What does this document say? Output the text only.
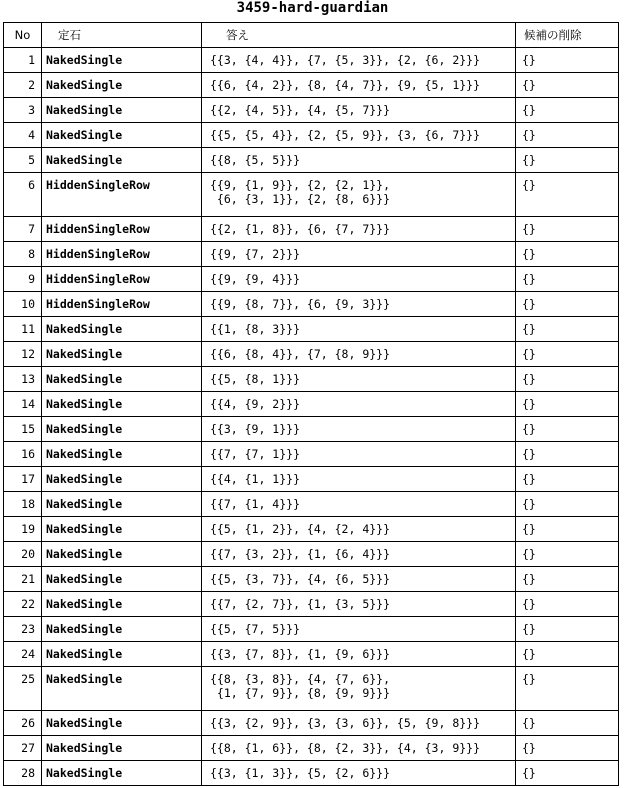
3459-hard-guardian
No	定石	答え	候補の削除
1	NakedSingle	{{3, {4, 4}}, {7, {5, 3}}, {2, {6, 2}}}	{}
2	NakedSingle	{{6, {4, 2}}, {8, {4, 7}}, {9, {5, 1}}}	{}
3	NakedSingle	{{2, {4, 5}}, {4, {5, 7}}}	{}
4	NakedSingle	{{5, {5, 4}}, {2, {5, 9}}, {3, {6, 7}}}	{}
5	NakedSingle	{{8, {5, 5}}}	{}
6	HiddenSingleRow	{{9, {1, 9}}, {2, {2, 1}},
{6, {3, 1}}, {2, {8, 6}}}	{}
7	HiddenSingleRow	{{2, {1, 8}}, {6, {7, 7}}}	{}
8	HiddenSingleRow	{{9, {7, 2}}}	{}
9	HiddenSingleRow	{{9, {9, 4}}}	{}
10	HiddenSingleRow	{{9, {8, 7}}, {6, {9, 3}}}	{}
11	NakedSingle	{{1, {8, 3}}}	{}
12	NakedSingle	{{6, {8, 4}}, {7, {8, 9}}}	{}
13	NakedSingle	{{5, {8, 1}}}	{}
14	NakedSingle	{{4, {9, 2}}}	{}
15	NakedSingle	{{3, {9, 1}}}	{}
16	NakedSingle	{{7, {7, 1}}}	{}
17	NakedSingle	{{4, {1, 1}}}	{}
18	NakedSingle	{{7, {1, 4}}}	{}
19	NakedSingle	{{5, {1, 2}}, {4, {2, 4}}}	{}
20	NakedSingle	{{7, {3, 2}}, {1, {6, 4}}}	{}
21	NakedSingle	{{5, {3, 7}}, {4, {6, 5}}}	{}
22	NakedSingle	{{7, {2, 7}}, {1, {3, 5}}}	{}
23	NakedSingle	{{5, {7, 5}}}	{}
24	NakedSingle	{{3, {7, 8}}, {1, {9, 6}}}	{}
25	NakedSingle	{{8, {3, 8}}, {4, {7, 6}},
{1, {7, 9}}, {8, {9, 9}}}	{}
26	NakedSingle	{{3, {2, 9}}, {3, {3, 6}}, {5, {9, 8}}}	{}
27	NakedSingle	{{8, {1, 6}}, {8, {2, 3}}, {4, {3, 9}}}	{}
28	NakedSingle	{{3, {1, 3}}, {5, {2, 6}}}	{}
